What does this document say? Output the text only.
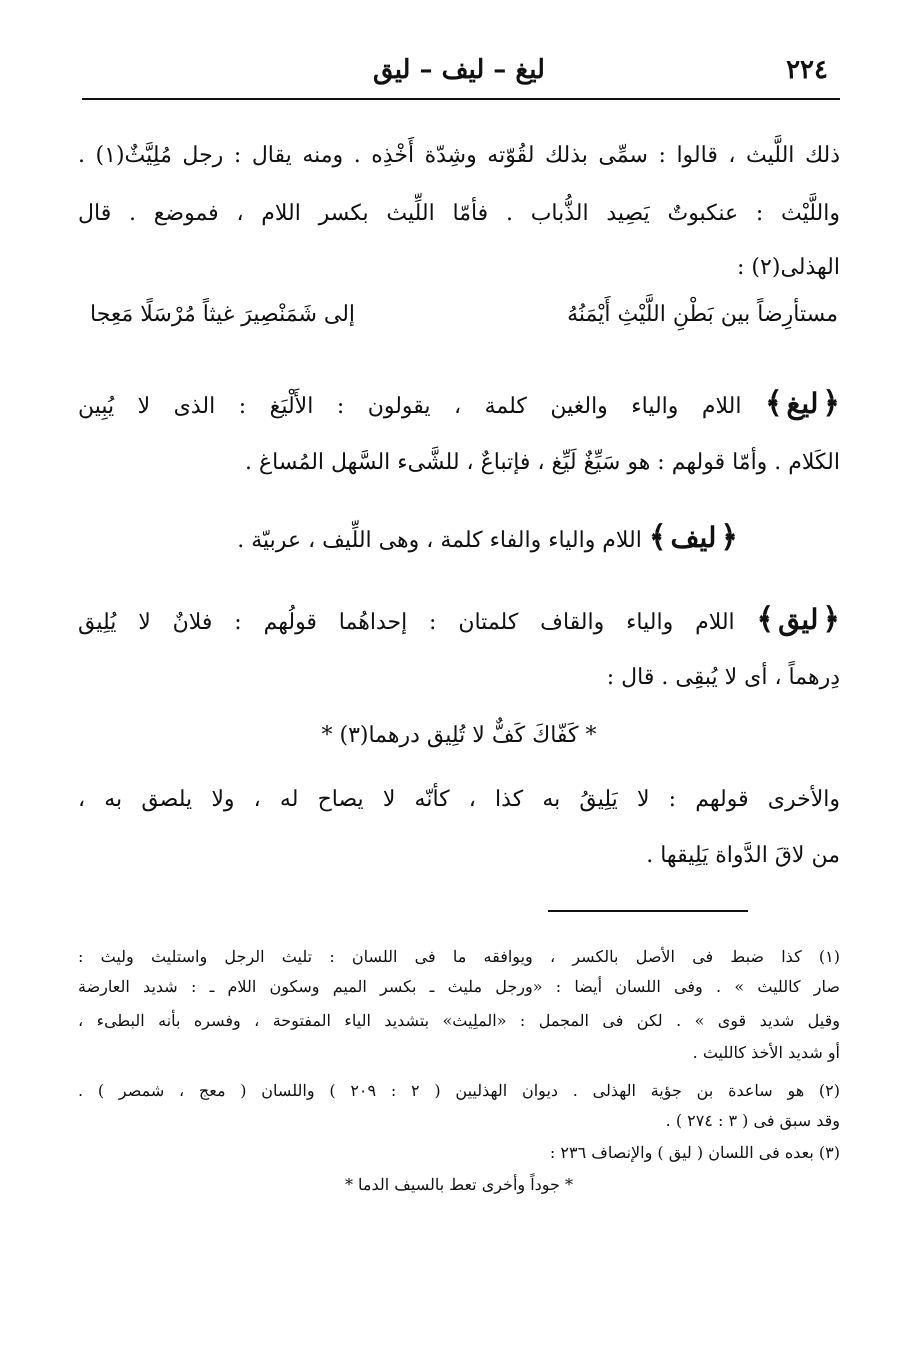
٢٢٤
ليغ – ليف – ليق
ذلك اللَّيث ، قالوا : سمِّى بذلك لقُوّته وشِدّة أَخْذِه . ومنه يقال : رجل مُلِيَّثٌ(١) .
واللَّيْث : عنكبوتٌ يَصِيد الذُّباب . فأمّا اللِّيث بكسر اللام ، فموضع . قال
الهذلى(٢) :
مستأرِضاً بين بَطْنِ اللَّيْثِ أَيْمَنُهُ
إلى شَمَنْصِيرَ غيثاً مُرْسَلًا مَعِجا
﴿ليغ﴾ اللام والياء والغين كلمة ، يقولون : الأَلْيَغ : الذى لا يُبِين
الكَلام . وأمّا قولهم : هو سَيِّغٌ لَيِّغ ، فإتباعٌ ، للشَّىء السَّهل المُساغ .
﴿ليف﴾ اللام والياء والفاء كلمة ، وهى اللِّيف ، عربيّة .
﴿ليق﴾ اللام والياء والقاف كلمتان : إحداهُما قولُهم : فلانٌ لا يُلِيق
دِرهماً ، أى لا يُبقِى . قال :
* كَفّاكَ كَفٌّ لا تُلِيق درهما(٣) *
والأخرى قولهم : لا يَلِيقُ به كذا ، كأنّه لا يصاح له ، ولا يلصق به ،
من لاقَ الدَّواة يَلِيقها .
(١) كذا ضبط فى الأصل بالكسر ، ويوافقه ما فى اللسان : تليث الرجل واستليث وليث :
صار كالليث » . وفى اللسان أيضا : «ورجل مليث ـ بكسر الميم وسكون اللام ـ : شديد العارضة
وقيل شديد قوى » . لكن فى المجمل : «الملِيث» بتشديد الياء المفتوحة ، وفسره بأنه البطىء ،
أو شديد الأخذ كالليث .
(٢) هو ساعدة بن جؤية الهذلى . ديوان الهذليين ( ٢ : ٢٠٩ ) واللسان ( معج ، شمصر ) .
وقد سبق فى ( ٣ : ٢٧٤ ) .
(٣) بعده فى اللسان ( ليق ) والإنصاف ٢٣٦ :
* جوداً وأخرى تعط بالسيف الدما *
